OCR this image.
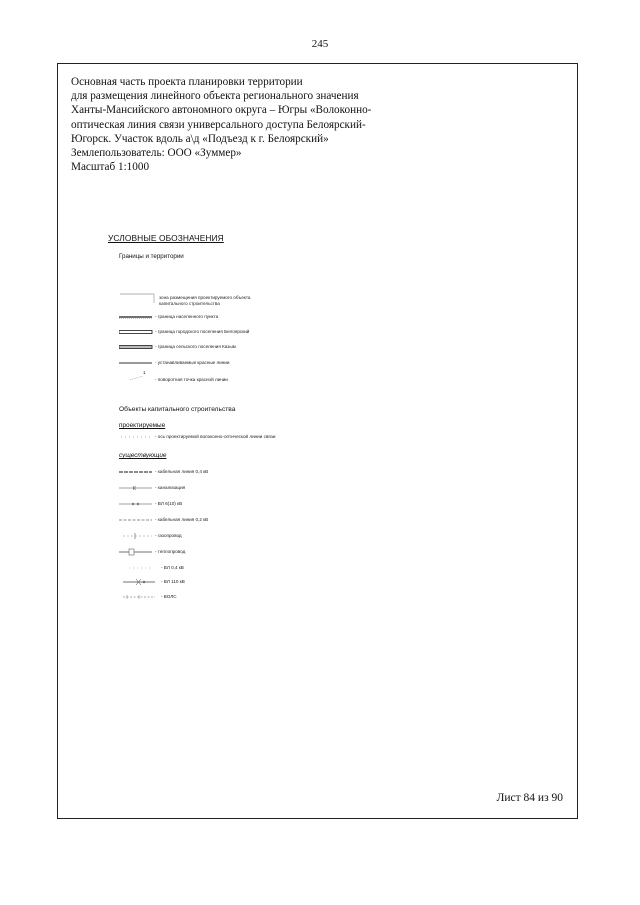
245
Основная часть проекта планировки территории
для размещения линейного объекта регионального значения
Ханты-Мансийского автономного округа – Югры «Волоконно-
оптическая линия связи универсального доступа Белоярский-
Югорск. Участок вдоль а\д «Подъезд к г. Белоярский»
Землепользователь: ООО «Зуммер»
Масштаб 1:1000
УСЛОВНЫЕ ОБОЗНАЧЕНИЯ
Границы и территории
зона размещения проектируемого объекта
капитального строительства
- граница населенного пункта
- граница городского поселения Белоярский
- граница сельского поселения Казым
- устанавливаемые красные линии
1
- поворотная точка красной линии
Объекты капитального строительства
проектируемые
- ось проектируемой волоконно-оптической линии связи
существующие
- кабельная линия 0,4 кВ
К	- канализация
- ВЛ 6(10) кВ
- кабельная линия 0,2 кВ
- газопровод
- теплопровод
- ВЛ 0,4 кВ
- ВЛ 110 кВ
- ВОЛС
Лист 84 из 90
